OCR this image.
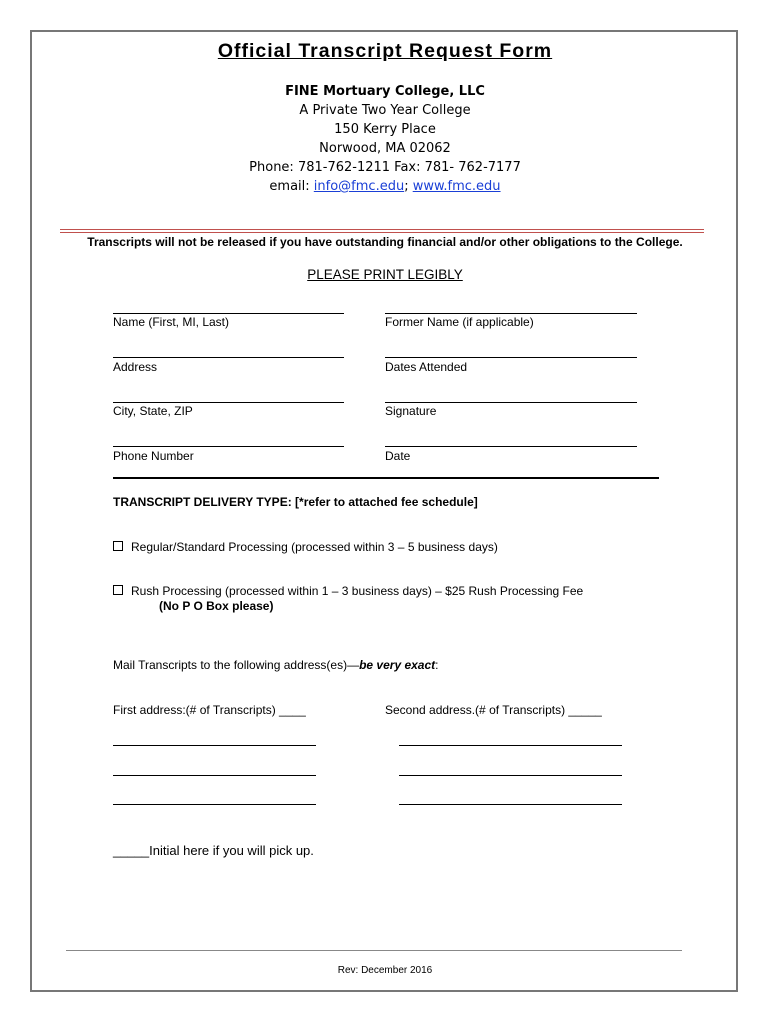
Official Transcript Request Form
FINE Mortuary College, LLC
A Private Two Year College
150 Kerry Place
Norwood, MA 02062
Phone: 781-762-1211 Fax: 781- 762-7177
email: info@fmc.edu; www.fmc.edu
Transcripts will not be released if you have outstanding financial and/or other obligations to the College.
PLEASE PRINT LEGIBLY
Name (First, MI, Last)
Address
City, State, ZIP
Phone Number
Former Name (if applicable)
Dates Attended
Signature
Date
TRANSCRIPT DELIVERY TYPE: [*refer to attached fee schedule]
Regular/Standard Processing (processed within 3 – 5 business days)
Rush Processing (processed within 1 – 3 business days) – $25 Rush Processing Fee
(No P O Box please)
Mail Transcripts to the following address(es)—be very exact:
First address:(# of Transcripts) ____	Second address.(# of Transcripts) _____
_____Initial here if you will pick up.
Rev: December 2016
